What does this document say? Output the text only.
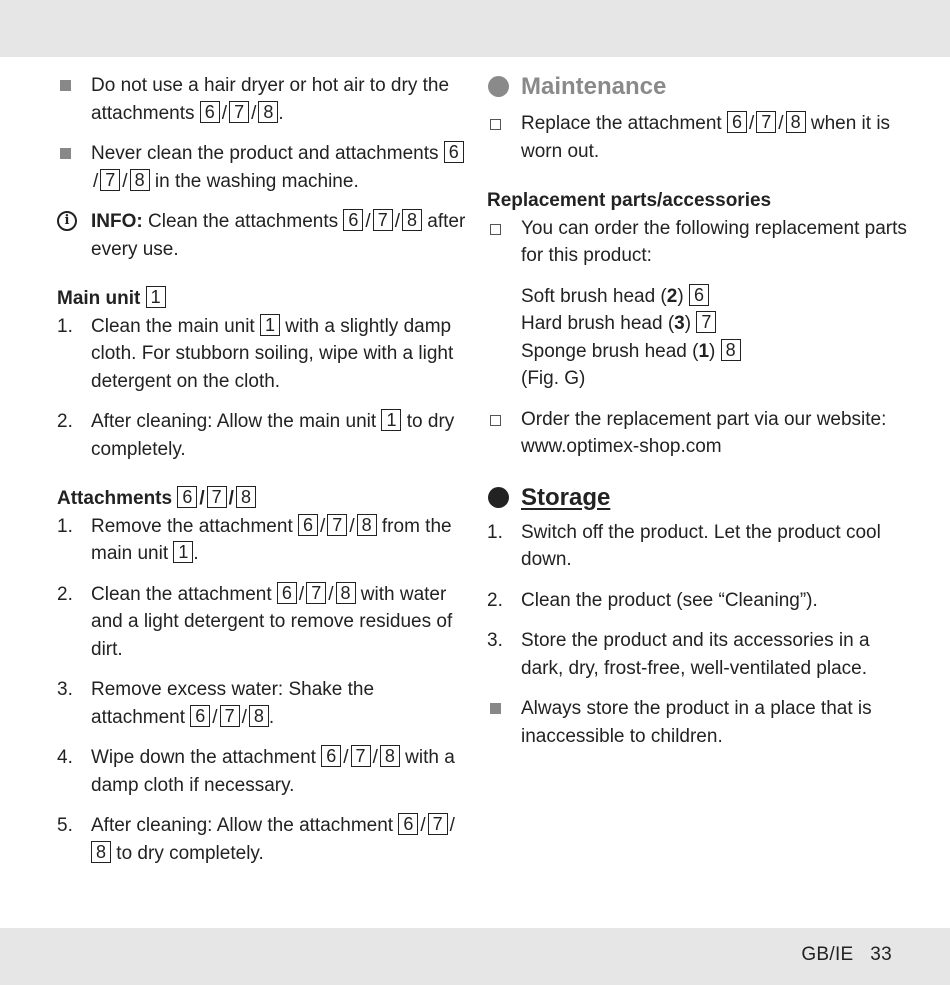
Do not use a hair dryer or hot air to dry the attachments 6 / 7 / 8 .
Never clean the product and attachments 6/ 7 / 8 in the washing machine.
i	INFO: Clean the attachments 6 / 7 / 8 after every use.
Main unit 1
1. Clean the main unit 1 with a slightly damp cloth. For stubborn soiling, wipe with a light detergent on the cloth.
2. After cleaning: Allow the main unit 1 to dry completely.
Attachments 6 / 7 / 8
1. Remove the attachment 6 / 7 / 8 from the main unit 1 .
2. Clean the attachment 6 / 7 / 8 with water and a light detergent to remove residues of dirt.
3. Remove excess water: Shake the attachment 6 / 7 / 8 .
4. Wipe down the attachment 6 / 7 / 8 with a damp cloth if necessary.
5. After cleaning: Allow the attachment 6 / 7 /8 to dry completely.
Maintenance
Replace the attachment 6 / 7 / 8 when it is worn out.
Replacement parts/accessories
You can order the following replacement parts for this product:
Soft brush head (2) 6
Hard brush head (3) 7
Sponge brush head (1) 8
(Fig. G)
Order the replacement part via our website: www.optimex-shop.com
Storage
1. Switch off the product. Let the product cool down.
2. Clean the product (see “Cleaning”).
3. Store the product and its accessories in a dark, dry, frost-free, well-ventilated place.
Always store the product in a place that is inaccessible to children.
GB/IE 33
